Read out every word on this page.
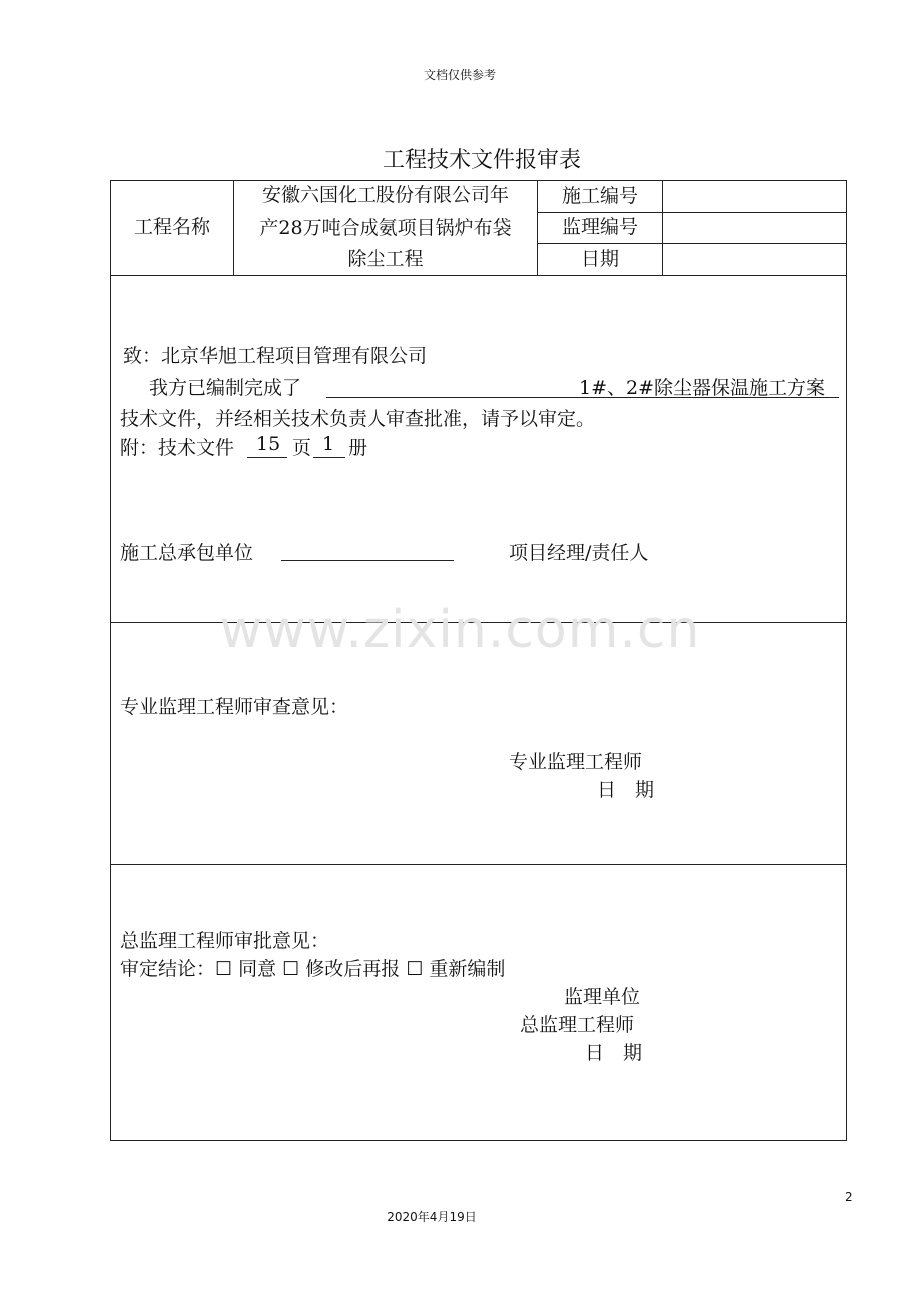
文档仅供参考
工程技术文件报审表
工程名称
安徽六国化工股份有限公司年
产28万吨合成氨项目锅炉布袋
除尘工程
施工编号
监理编号
日期
致：北京华旭工程项目管理有限公司
我方已编制完成了	1#、2#除尘器保温施工方案
技术文件，并经相关技术负责人审查批准，请予以审定。
附：技术文件 15 页 1 册
施工总承包单位	项目经理/责任人
www.zixin.com.cn
专业监理工程师审查意见：
专业监理工程师
日　期
总监理工程师审批意见：
审定结论：☐ 同意 ☐ 修改后再报 ☐ 重新编制
监理单位
总监理工程师
日　期
2
2020年4月19日
